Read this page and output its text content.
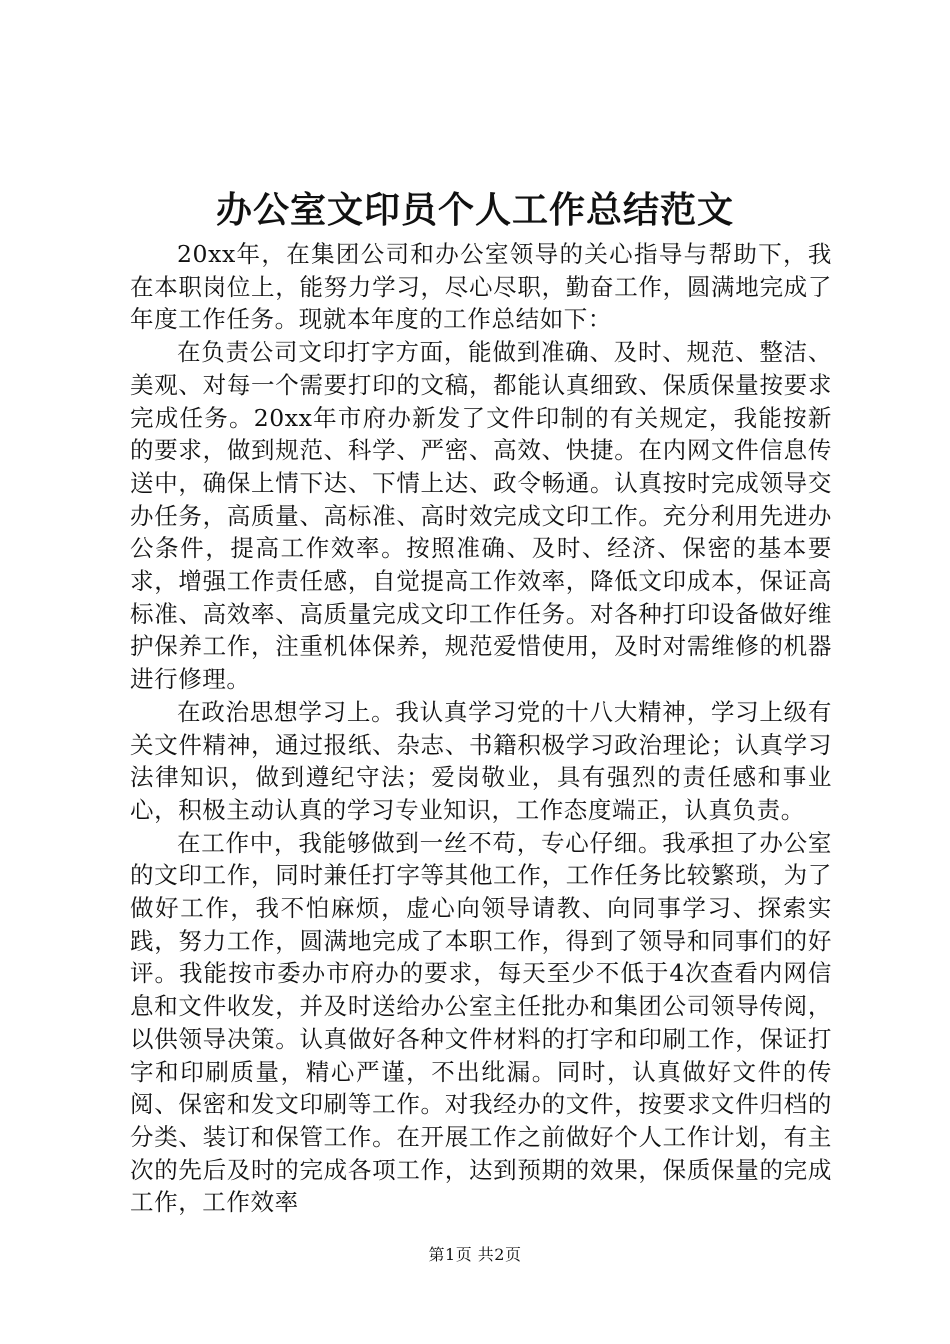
办公室文印员个人工作总结范文

20xx年，在集团公司和办公室领导的关心指导与帮助下，我在本职岗位上，能努力学习，尽心尽职，勤奋工作，圆满地完成了年度工作任务。现就本年度的工作总结如下：

在负责公司文印打字方面，能做到准确、及时、规范、整洁、美观、对每一个需要打印的文稿，都能认真细致、保质保量按要求完成任务。20xx年市府办新发了文件印制的有关规定，我能按新的要求，做到规范、科学、严密、高效、快捷。在内网文件信息传送中，确保上情下达、下情上达、政令畅通。认真按时完成领导交办任务，高质量、高标准、高时效完成文印工作。充分利用先进办公条件，提高工作效率。按照准确、及时、经济、保密的基本要求，增强工作责任感，自觉提高工作效率，降低文印成本，保证高标准、高效率、高质量完成文印工作任务。对各种打印设备做好维护保养工作，注重机体保养，规范爱惜使用，及时对需维修的机器进行修理。

在政治思想学习上。我认真学习党的十八大精神，学习上级有关文件精神，通过报纸、杂志、书籍积极学习政治理论；认真学习法律知识，做到遵纪守法；爱岗敬业，具有强烈的责任感和事业心，积极主动认真的学习专业知识，工作态度端正，认真负责。

在工作中，我能够做到一丝不苟，专心仔细。我承担了办公室的文印工作，同时兼任打字等其他工作，工作任务比较繁琐，为了做好工作，我不怕麻烦，虚心向领导请教、向同事学习、探索实践，努力工作，圆满地完成了本职工作，得到了领导和同事们的好评。我能按市委办市府办的要求，每天至少不低于4次查看内网信息和文件收发，并及时送给办公室主任批办和集团公司领导传阅，以供领导决策。认真做好各种文件材料的打字和印刷工作，保证打字和印刷质量，精心严谨，不出纰漏。同时，认真做好文件的传阅、保密和发文印刷等工作。对我经办的文件，按要求文件归档的分类、装订和保管工作。在开展工作之前做好个人工作计划，有主次的先后及时的完成各项工作，达到预期的效果，保质保量的完成工作，工作效率

第1页 共2页
